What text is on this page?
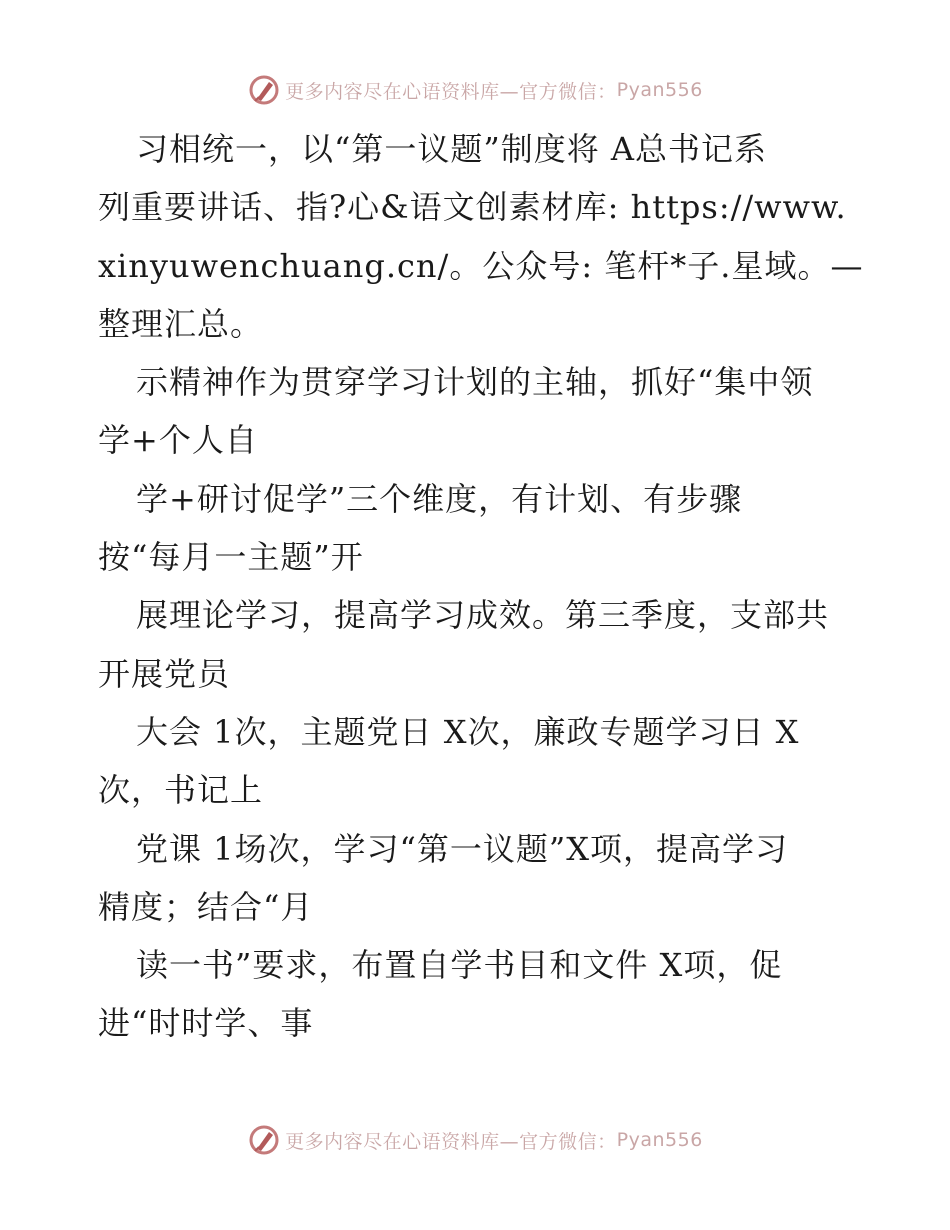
更多内容尽在心语资料库—官方微信： Pyan556
习相统一，以“第一议题”制度将 A总书记系
列重要讲话、指?心&语文创素材库: https://www.
xinyuwenchuang.cn/。公众号: 笔杆*子.星域。—
整理汇总。
示精神作为贯穿学习计划的主轴，抓好“集中领
学+个人自
学+研讨促学”三个维度，有计划、有步骤
按“每月一主题”开
展理论学习，提高学习成效。第三季度，支部共
开展党员
大会 1次，主题党日 X次，廉政专题学习日 X
次，书记上
党课 1场次，学习“第一议题”X项，提高学习
精度；结合“月
读一书”要求，布置自学书目和文件 X项，促
进“时时学、事
更多内容尽在心语资料库—官方微信： Pyan556
